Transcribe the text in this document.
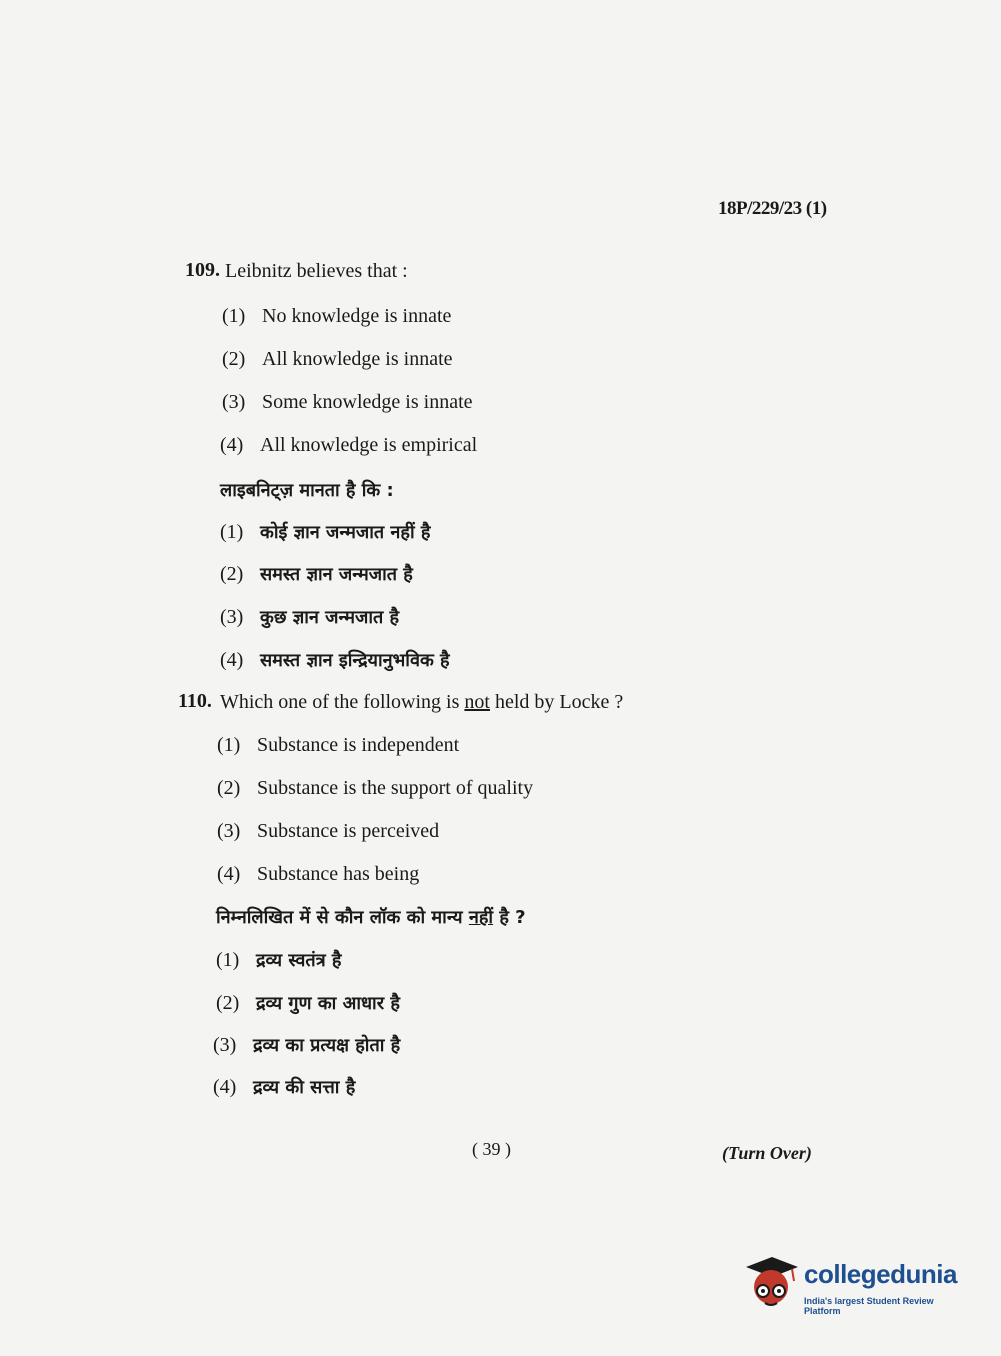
18P/229/23 (1)
109. Leibnitz believes that :
(1) No knowledge is innate
(2) All knowledge is innate
(3) Some knowledge is innate
(4) All knowledge is empirical
लाइबनिट्ज़ मानता है कि :
(1) कोई ज्ञान जन्मजात नहीं है
(2) समस्त ज्ञान जन्मजात है
(3) कुछ ज्ञान जन्मजात है
(4) समस्त ज्ञान इन्द्रियानुभविक है
110. Which one of the following is not held by Locke ?
(1) Substance is independent
(2) Substance is the support of quality
(3) Substance is perceived
(4) Substance has being
निम्नलिखित में से कौन लॉक को मान्य नहीं है ?
(1) द्रव्य स्वतंत्र है
(2) द्रव्य गुण का आधार है
(3) द्रव्य का प्रत्यक्ष होता है
(4) द्रव्य की सत्ता है
( 39 )	(Turn Over)
collegedunia
India's largest Student Review Platform
